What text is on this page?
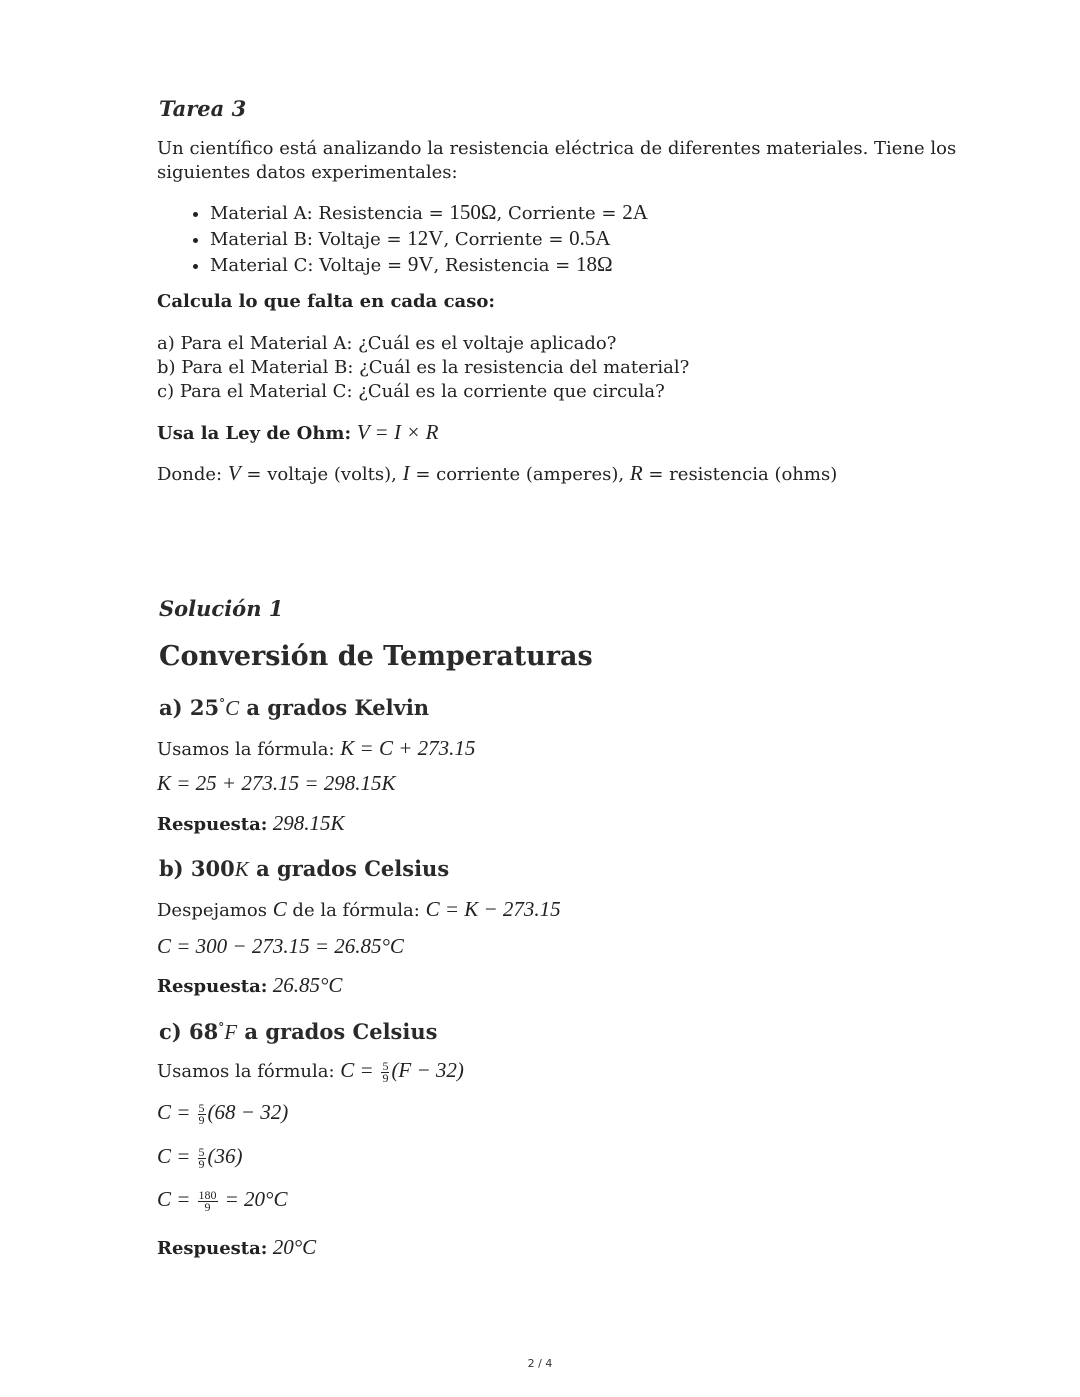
Tarea 3
Un científico está analizando la resistencia eléctrica de diferentes materiales. Tiene los
siguientes datos experimentales:
• Material A: Resistencia = 150Ω, Corriente = 2A
• Material B: Voltaje = 12V, Corriente = 0.5A
• Material C: Voltaje = 9V, Resistencia = 18Ω
Calcula lo que falta en cada caso:
a) Para el Material A: ¿Cuál es el voltaje aplicado?
b) Para el Material B: ¿Cuál es la resistencia del material?
c) Para el Material C: ¿Cuál es la corriente que circula?
Usa la Ley de Ohm: V = I × R
Donde: V = voltaje (volts), I = corriente (amperes), R = resistencia (ohms)
Solución 1
Conversión de Temperaturas
a) 25°C a grados Kelvin
Usamos la fórmula: K = C + 273.15
K = 25 + 273.15 = 298.15K
Respuesta: 298.15K
b) 300K a grados Celsius
Despejamos C de la fórmula: C = K − 273.15
C = 300 − 273.15 = 26.85°C
Respuesta: 26.85°C
c) 68°F a grados Celsius
Usamos la fórmula: $C = \frac{5}{9} (F - 32)$
$C = \frac{5}{9} (68 - 32)$
$C = \frac{5}{9} (36)$
$C = \frac{180}{9} = 20^\circ C$
Respuesta: 20°C
2 / 4
